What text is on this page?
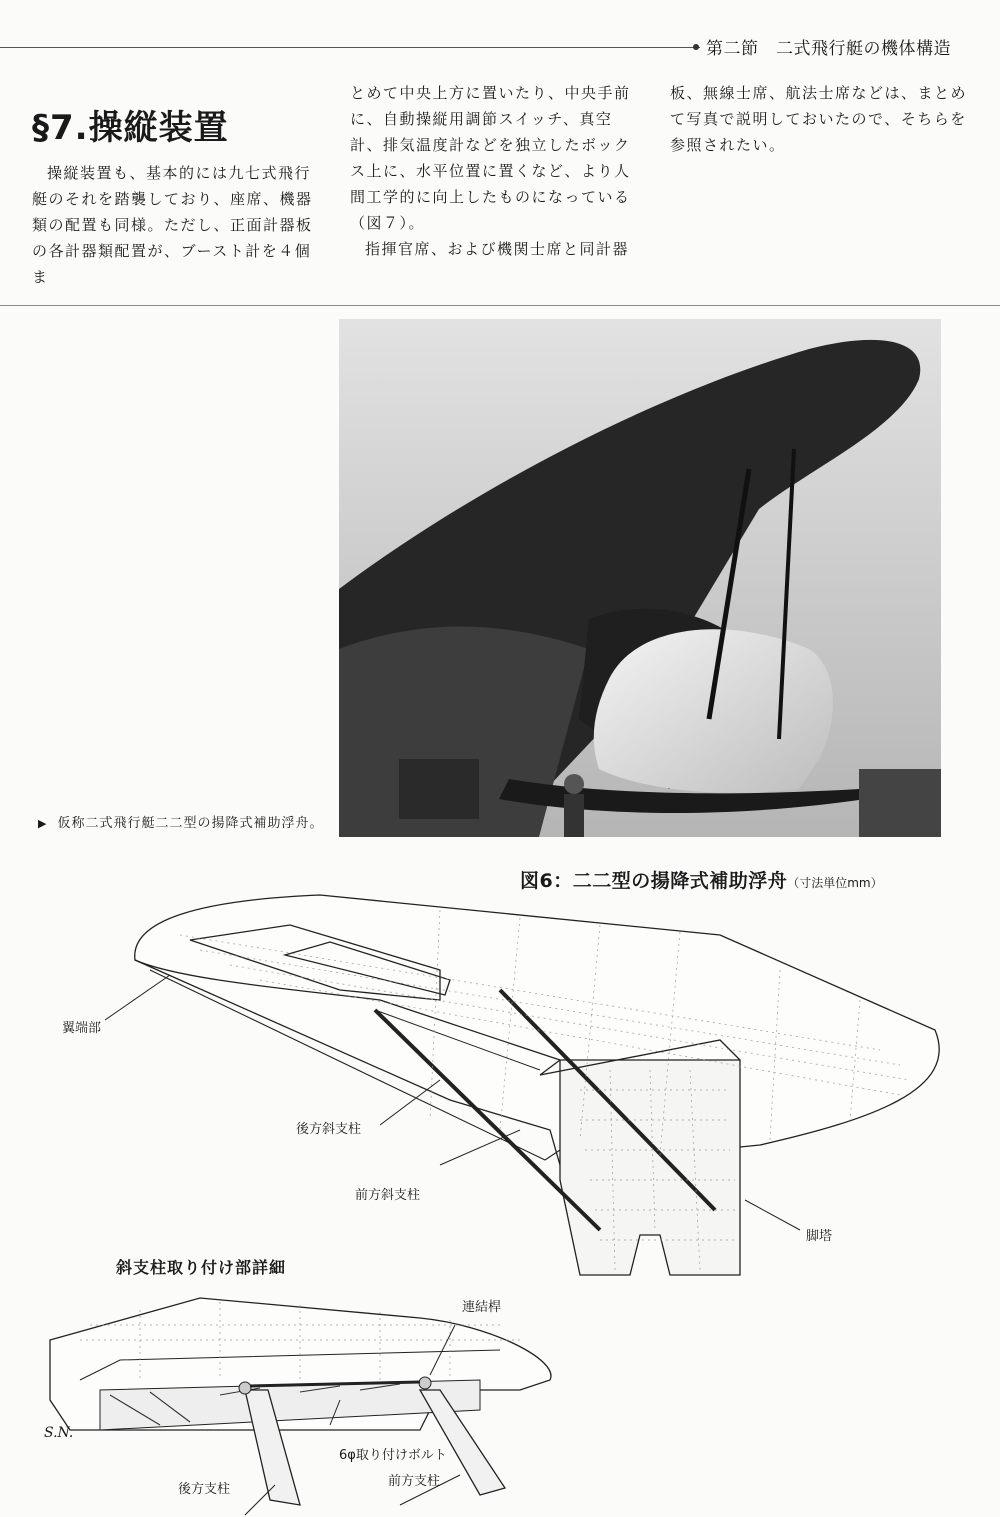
第二節　二式飛行艇の機体構造
§7.操縦装置

操縦装置も、基本的には九七式飛行艇のそれを踏襲しており、座席、機器類の配置も同様。ただし、正面計器板の各計器類配置が、ブースト計を４個ま

とめて中央上方に置いたり、中央手前に、自動操縦用調節スイッチ、真空計、排気温度計などを独立したボックス上に、水平位置に置くなど、より人間工学的に向上したものになっている（図７）。

指揮官席、および機関士席と同計器

板、無線士席、航法士席などは、まとめて写真で説明しておいたので、そちらを参照されたい。

▶ 仮称二式飛行艇二二型の揚降式補助浮舟。
図6：二二型の揚降式補助浮舟（寸法単位mm）
翼端部
後方斜支柱
前方斜支柱
脚塔
斜支柱取り付け部詳細
連結桿
6φ取り付けボルト
後方支柱
前方支柱
S.N.
